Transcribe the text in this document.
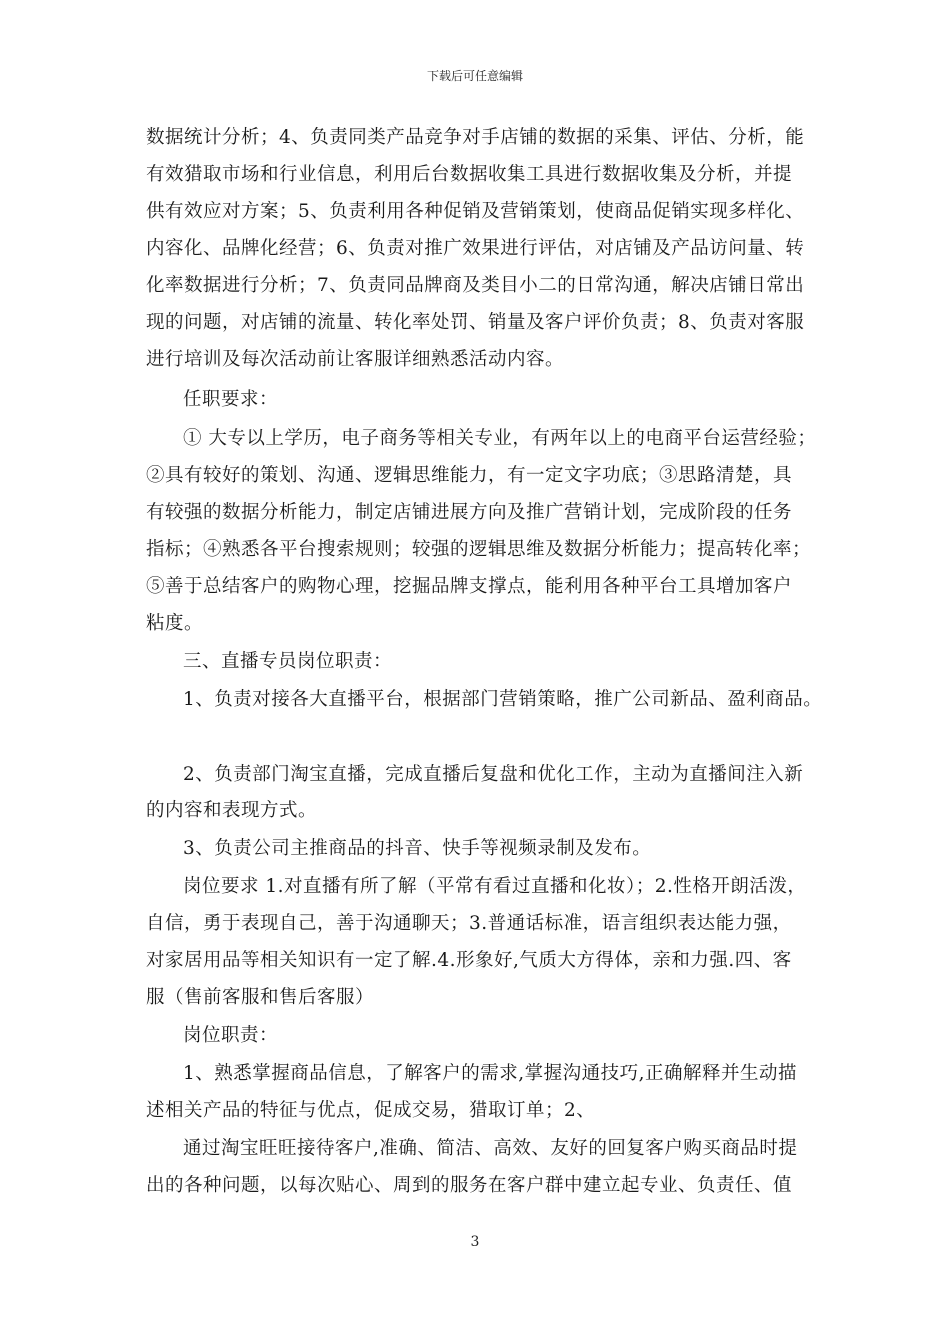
下载后可任意编辑
数据统计分析；4、负责同类产品竞争对手店铺的数据的采集、评估、分析，能
有效猎取市场和行业信息，利用后台数据收集工具进行数据收集及分析，并提
供有效应对方案；5、负责利用各种促销及营销策划，使商品促销实现多样化、
内容化、品牌化经营；6、负责对推广效果进行评估，对店铺及产品访问量、转
化率数据进行分析；7、负责同品牌商及类目小二的日常沟通，解决店铺日常出
现的问题，对店铺的流量、转化率处罚、销量及客户评价负责；8、负责对客服
进行培训及每次活动前让客服详细熟悉活动内容。
任职要求：
① 大专以上学历，电子商务等相关专业，有两年以上的电商平台运营经验；
②具有较好的策划、沟通、逻辑思维能力，有一定文字功底；③思路清楚，具
有较强的数据分析能力，制定店铺进展方向及推广营销计划，完成阶段的任务
指标；④熟悉各平台搜索规则；较强的逻辑思维及数据分析能力；提高转化率；
⑤善于总结客户的购物心理，挖掘品牌支撑点，能利用各种平台工具增加客户
粘度。
三、直播专员岗位职责：
1、负责对接各大直播平台，根据部门营销策略，推广公司新品、盈利商品。
2、负责部门淘宝直播，完成直播后复盘和优化工作，主动为直播间注入新
的内容和表现方式。
3、负责公司主推商品的抖音、快手等视频录制及发布。
岗位要求 1.对直播有所了解（平常有看过直播和化妆）；2.性格开朗活泼，
自信，勇于表现自己，善于沟通聊天；3.普通话标准，语言组织表达能力强，
对家居用品等相关知识有一定了解.4.形象好,气质大方得体，亲和力强.四、客
服（售前客服和售后客服）
岗位职责：
1、熟悉掌握商品信息，了解客户的需求,掌握沟通技巧,正确解释并生动描
述相关产品的特征与优点，促成交易，猎取订单；2、
通过淘宝旺旺接待客户,准确、简洁、高效、友好的回复客户购买商品时提
出的各种问题，以每次贴心、周到的服务在客户群中建立起专业、负责任、值
3
